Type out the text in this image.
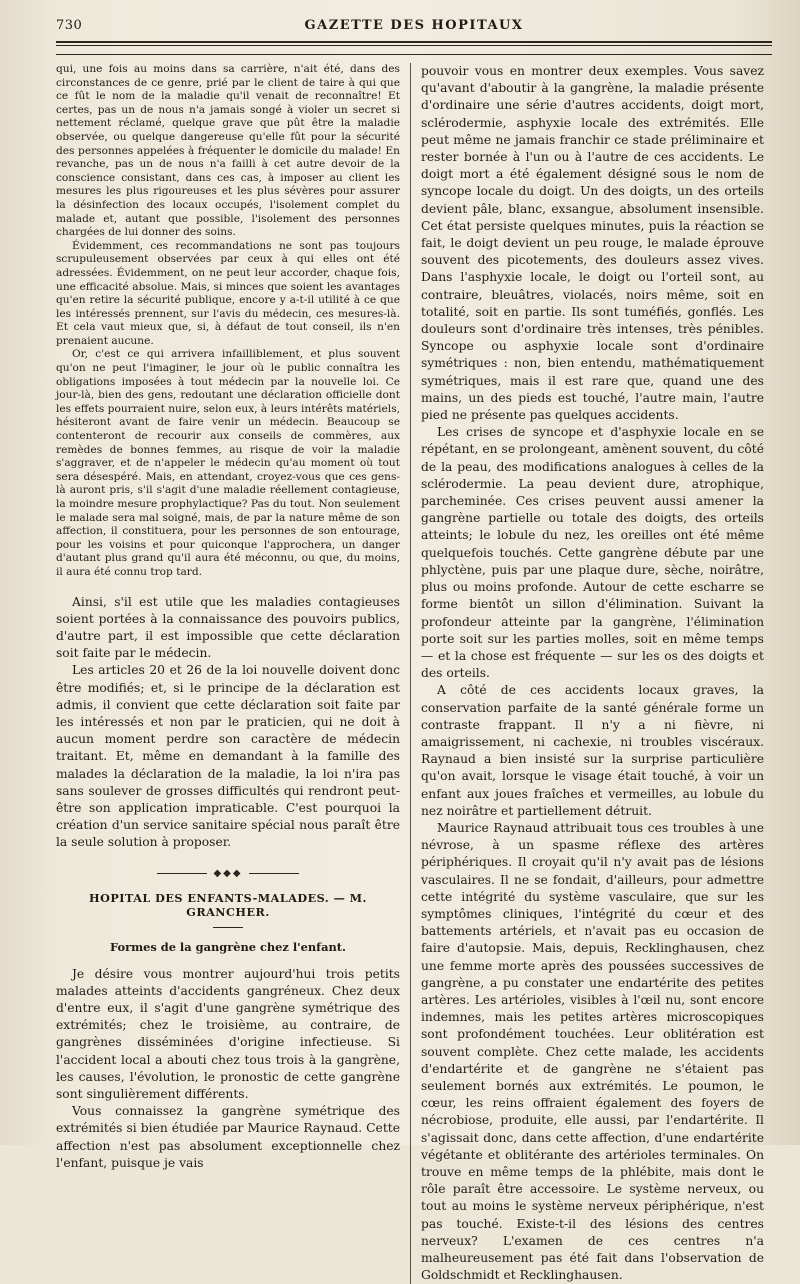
730	GAZETTE DES HOPITAUX

qui, une fois au moins dans sa carrière, n'ait été, dans des circonstances de ce genre, prié par le client de taire à qui que ce fût le nom de la maladie qu'il venait de reconnaître! Et certes, pas un de nous n'a jamais songé à violer un secret si nettement réclamé, quelque grave que pût être la maladie observée, ou quelque dangereuse qu'elle fût pour la sécurité des personnes appelées à fréquenter le domicile du malade! En revanche, pas un de nous n'a failli à cet autre devoir de la conscience consistant, dans ces cas, à imposer au client les mesures les plus rigoureuses et les plus sévères pour assurer la désinfection des locaux occupés, l'isolement complet du malade et, autant que possible, l'isolement des personnes chargées de lui donner des soins.

Évidemment, ces recommandations ne sont pas toujours scrupuleusement observées par ceux à qui elles ont été adressées. Évidemment, on ne peut leur accorder, chaque fois, une efficacité absolue. Mais, si minces que soient les avantages qu'en retire la sécurité publique, encore y a-t-il utilité à ce que les intéressés prennent, sur l'avis du médecin, ces mesures-là. Et cela vaut mieux que, si, à défaut de tout conseil, ils n'en prenaient aucune.

Or, c'est ce qui arrivera infailliblement, et plus souvent qu'on ne peut l'imaginer, le jour où le public connaîtra les obligations imposées à tout médecin par la nouvelle loi. Ce jour-là, bien des gens, redoutant une déclaration officielle dont les effets pourraient nuire, selon eux, à leurs intérêts matériels, hésiteront avant de faire venir un médecin. Beaucoup se contenteront de recourir aux conseils de commères, aux remèdes de bonnes femmes, au risque de voir la maladie s'aggraver, et de n'appeler le médecin qu'au moment où tout sera désespéré. Mais, en attendant, croyez-vous que ces gens-là auront pris, s'il s'agit d'une maladie réellement contagieuse, la moindre mesure prophylactique? Pas du tout. Non seulement le malade sera mal soigné, mais, de par la nature même de son affection, il constituera, pour les personnes de son entourage, pour les voisins et pour quiconque l'approchera, un danger d'autant plus grand qu'il aura été méconnu, ou que, du moins, il aura été connu trop tard.

Ainsi, s'il est utile que les maladies contagieuses soient portées à la connaissance des pouvoirs publics, d'autre part, il est impossible que cette déclaration soit faite par le médecin.

Les articles 20 et 26 de la loi nouvelle doivent donc être modifiés; et, si le principe de la déclaration est admis, il convient que cette déclaration soit faite par les intéressés et non par le praticien, qui ne doit à aucun moment perdre son caractère de médecin traitant. Et, même en demandant à la famille des malades la déclaration de la maladie, la loi n'ira pas sans soulever de grosses difficultés qui rendront peut-être son application impraticable. C'est pourquoi la création d'un service sanitaire spécial nous paraît être la seule solution à proposer.

◆◆◆
HOPITAL DES ENFANTS-MALADES. — M. GRANCHER.
Formes de la gangrène chez l'enfant.

Je désire vous montrer aujourd'hui trois petits malades atteints d'accidents gangréneux. Chez deux d'entre eux, il s'agit d'une gangrène symétrique des extrémités; chez le troisième, au contraire, de gangrènes disséminées d'origine infectieuse. Si l'accident local a abouti chez tous trois à la gangrène, les causes, l'évolution, le pronostic de cette gangrène sont singulièrement différents.

Vous connaissez la gangrène symétrique des extrémités si bien étudiée par Maurice Raynaud. Cette affection n'est pas absolument exceptionnelle chez l'enfant, puisque je vais

pouvoir vous en montrer deux exemples. Vous savez qu'avant d'aboutir à la gangrène, la maladie présente d'ordinaire une série d'autres accidents, doigt mort, sclérodermie, asphyxie locale des extrémités. Elle peut même ne jamais franchir ce stade préliminaire et rester bornée à l'un ou à l'autre de ces accidents. Le doigt mort a été également désigné sous le nom de syncope locale du doigt. Un des doigts, un des orteils devient pâle, blanc, exsangue, absolument insensible. Cet état persiste quelques minutes, puis la réaction se fait, le doigt devient un peu rouge, le malade éprouve souvent des picotements, des douleurs assez vives. Dans l'asphyxie locale, le doigt ou l'orteil sont, au contraire, bleuâtres, violacés, noirs même, soit en totalité, soit en partie. Ils sont tuméfiés, gonflés. Les douleurs sont d'ordinaire très intenses, très pénibles. Syncope ou asphyxie locale sont d'ordinaire symétriques : non, bien entendu, mathématiquement symétriques, mais il est rare que, quand une des mains, un des pieds est touché, l'autre main, l'autre pied ne présente pas quelques accidents.

Les crises de syncope et d'asphyxie locale en se répétant, en se prolongeant, amènent souvent, du côté de la peau, des modifications analogues à celles de la sclérodermie. La peau devient dure, atrophique, parcheminée. Ces crises peuvent aussi amener la gangrène partielle ou totale des doigts, des orteils atteints; le lobule du nez, les oreilles ont été même quelquefois touchés. Cette gangrène débute par une phlyctène, puis par une plaque dure, sèche, noirâtre, plus ou moins profonde. Autour de cette escharre se forme bientôt un sillon d'élimination. Suivant la profondeur atteinte par la gangrène, l'élimination porte soit sur les parties molles, soit en même temps — et la chose est fréquente — sur les os des doigts et des orteils.

A côté de ces accidents locaux graves, la conservation parfaite de la santé générale forme un contraste frappant. Il n'y a ni fièvre, ni amaigrissement, ni cachexie, ni troubles viscéraux. Raynaud a bien insisté sur la surprise particulière qu'on avait, lorsque le visage était touché, à voir un enfant aux joues fraîches et vermeilles, au lobule du nez noirâtre et partiellement détruit.

Maurice Raynaud attribuait tous ces troubles à une névrose, à un spasme réflexe des artères périphériques. Il croyait qu'il n'y avait pas de lésions vasculaires. Il ne se fondait, d'ailleurs, pour admettre cette intégrité du système vasculaire, que sur les symptômes cliniques, l'intégrité du cœur et des battements artériels, et n'avait pas eu occasion de faire d'autopsie. Mais, depuis, Recklinghausen, chez une femme morte après des poussées successives de gangrène, a pu constater une endartérite des petites artères. Les artérioles, visibles à l'œil nu, sont encore indemnes, mais les petites artères microscopiques sont profondément touchées. Leur oblitération est souvent complète. Chez cette malade, les accidents d'endartérite et de gangrène ne s'étaient pas seulement bornés aux extrémités. Le poumon, le cœur, les reins offraient également des foyers de nécrobiose, produite, elle aussi, par l'endartérite. Il s'agissait donc, dans cette affection, d'une endartérite végétante et oblitérante des artérioles terminales. On trouve en même temps de la phlébite, mais dont le rôle paraît être accessoire. Le système nerveux, ou tout au moins le système nerveux périphérique, n'est pas touché. Existe-t-il des lésions des centres nerveux? L'examen de ces centres n'a malheureusement pas été fait dans l'observation de Goldschmidt et Recklinghausen.
